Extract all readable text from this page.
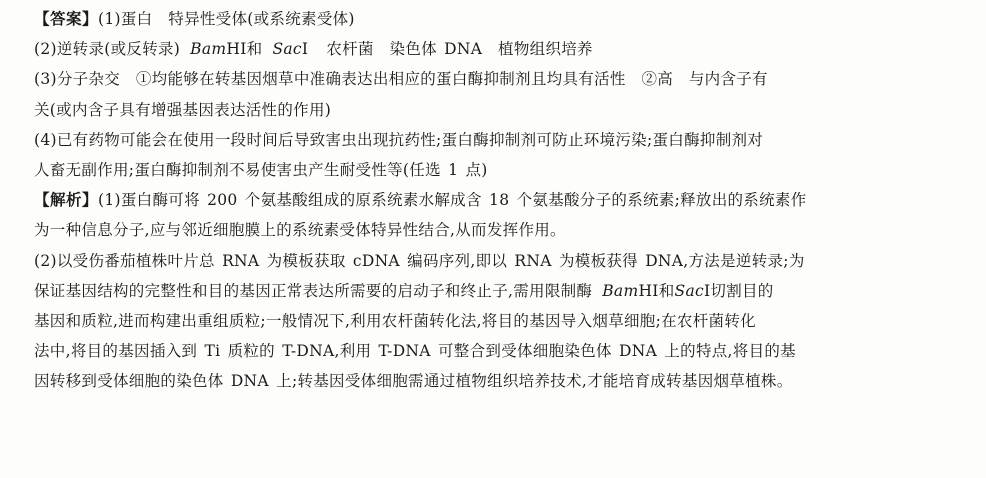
【答案】(1)蛋白　特异性受体(或系统素受体)
(2)逆转录(或反转录) BamHⅠ和 SacⅠ 农杆菌　染色体 DNA　植物组织培养
(3)分子杂交　①均能够在转基因烟草中准确表达出相应的蛋白酶抑制剂且均具有活性　②高　与内含子有
关(或内含子具有增强基因表达活性的作用)
(4)已有药物可能会在使用一段时间后导致害虫出现抗药性;蛋白酶抑制剂可防止环境污染;蛋白酶抑制剂对
人畜无副作用;蛋白酶抑制剂不易使害虫产生耐受性等(任选 1 点)
【解析】(1)蛋白酶可将 200 个氨基酸组成的原系统素水解成含 18 个氨基酸分子的系统素;释放出的系统素作
为一种信息分子,应与邻近细胞膜上的系统素受体特异性结合,从而发挥作用。
(2)以受伤番茄植株叶片总 RNA 为模板获取 cDNA 编码序列,即以 RNA 为模板获得 DNA,方法是逆转录;为
保证基因结构的完整性和目的基因正常表达所需要的启动子和终止子,需用限制酶 BamHⅠ和SacⅠ切割目的
基因和质粒,进而构建出重组质粒;一般情况下,利用农杆菌转化法,将目的基因导入烟草细胞;在农杆菌转化
法中,将目的基因插入到 Ti 质粒的 T-DNA,利用 T-DNA 可整合到受体细胞染色体 DNA 上的特点,将目的基
因转移到受体细胞的染色体 DNA 上;转基因受体细胞需通过植物组织培养技术,才能培育成转基因烟草植株。
